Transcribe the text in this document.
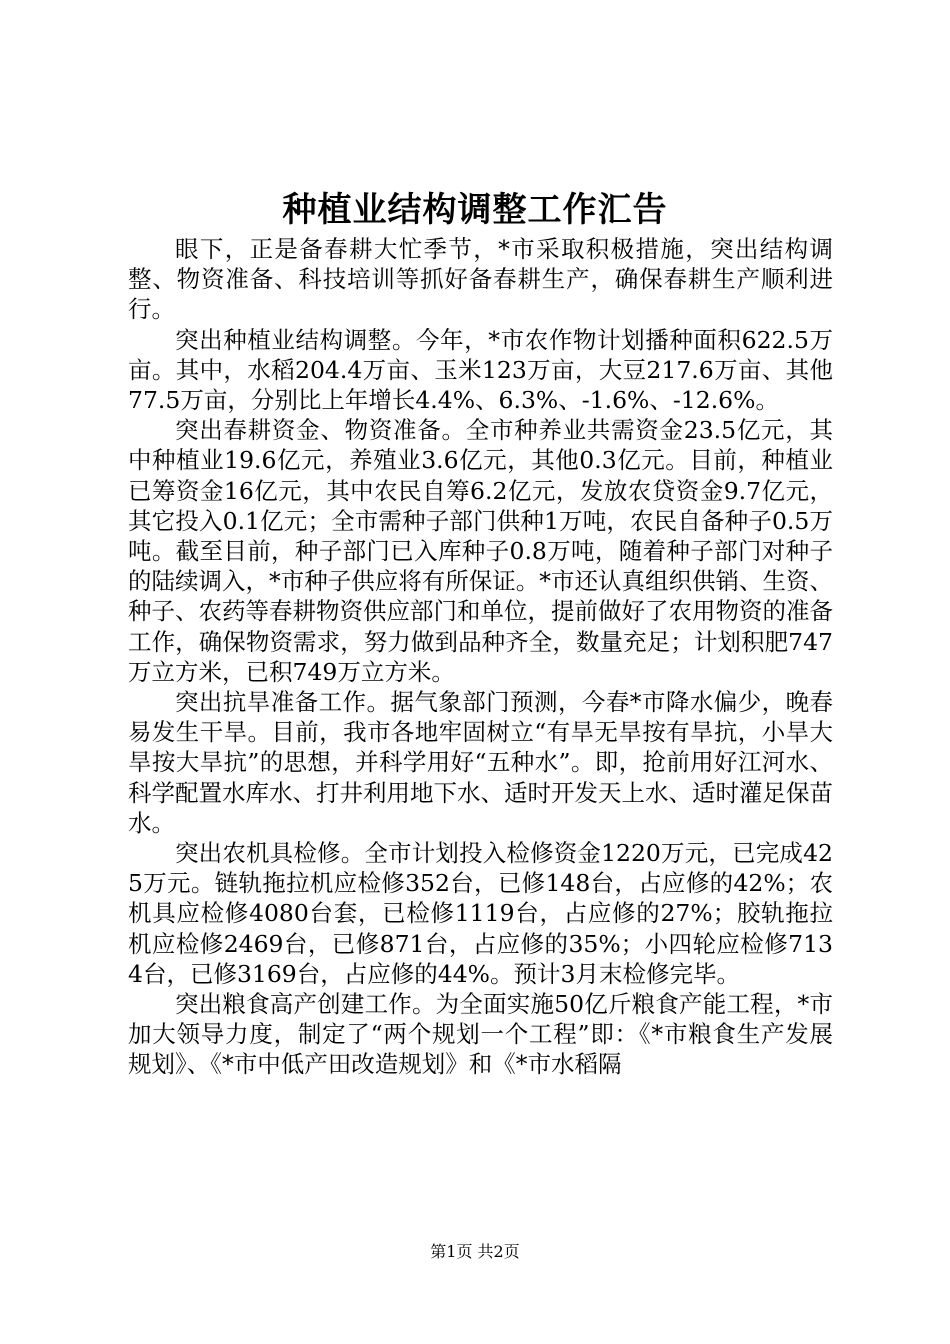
种植业结构调整工作汇告

眼下，正是备春耕大忙季节，*市采取积极措施，突出结构调整、物资准备、科技培训等抓好备春耕生产，确保春耕生产顺利进行。

突出种植业结构调整。今年，*市农作物计划播种面积622.5万亩。其中，水稻204.4万亩、玉米123万亩，大豆217.6万亩、其他77.5万亩，分别比上年增长4.4%、6.3%、-1.6%、-12.6%。

突出春耕资金、物资准备。全市种养业共需资金23.5亿元，其中种植业19.6亿元，养殖业3.6亿元，其他0.3亿元。目前，种植业已筹资金16亿元，其中农民自筹6.2亿元，发放农贷资金9.7亿元，其它投入0.1亿元；全市需种子部门供种1万吨，农民自备种子0.5万吨。截至目前，种子部门已入库种子0.8万吨，随着种子部门对种子的陆续调入，*市种子供应将有所保证。*市还认真组织供销、生资、种子、农药等春耕物资供应部门和单位，提前做好了农用物资的准备工作，确保物资需求，努力做到品种齐全，数量充足；计划积肥747万立方米，已积749万立方米。

突出抗旱准备工作。据气象部门预测，今春*市降水偏少，晚春易发生干旱。目前，我市各地牢固树立“有旱无旱按有旱抗，小旱大旱按大旱抗”的思想，并科学用好“五种水”。即，抢前用好江河水、科学配置水库水、打井利用地下水、适时开发天上水、适时灌足保苗水。

突出农机具检修。全市计划投入检修资金1220万元，已完成425万元。链轨拖拉机应检修352台，已修148台，占应修的42%；农机具应检修4080台套，已检修1119台，占应修的27%；胶轨拖拉机应检修2469台，已修871台，占应修的35%；小四轮应检修7134台，已修3169台，占应修的44%。预计3月末检修完毕。

突出粮食高产创建工作。为全面实施50亿斤粮食产能工程，*市加大领导力度，制定了“两个规划一个工程”即：《*市粮食生产发展规划》、《*市中低产田改造规划》和《*市水稻隔

第1页 共2页
